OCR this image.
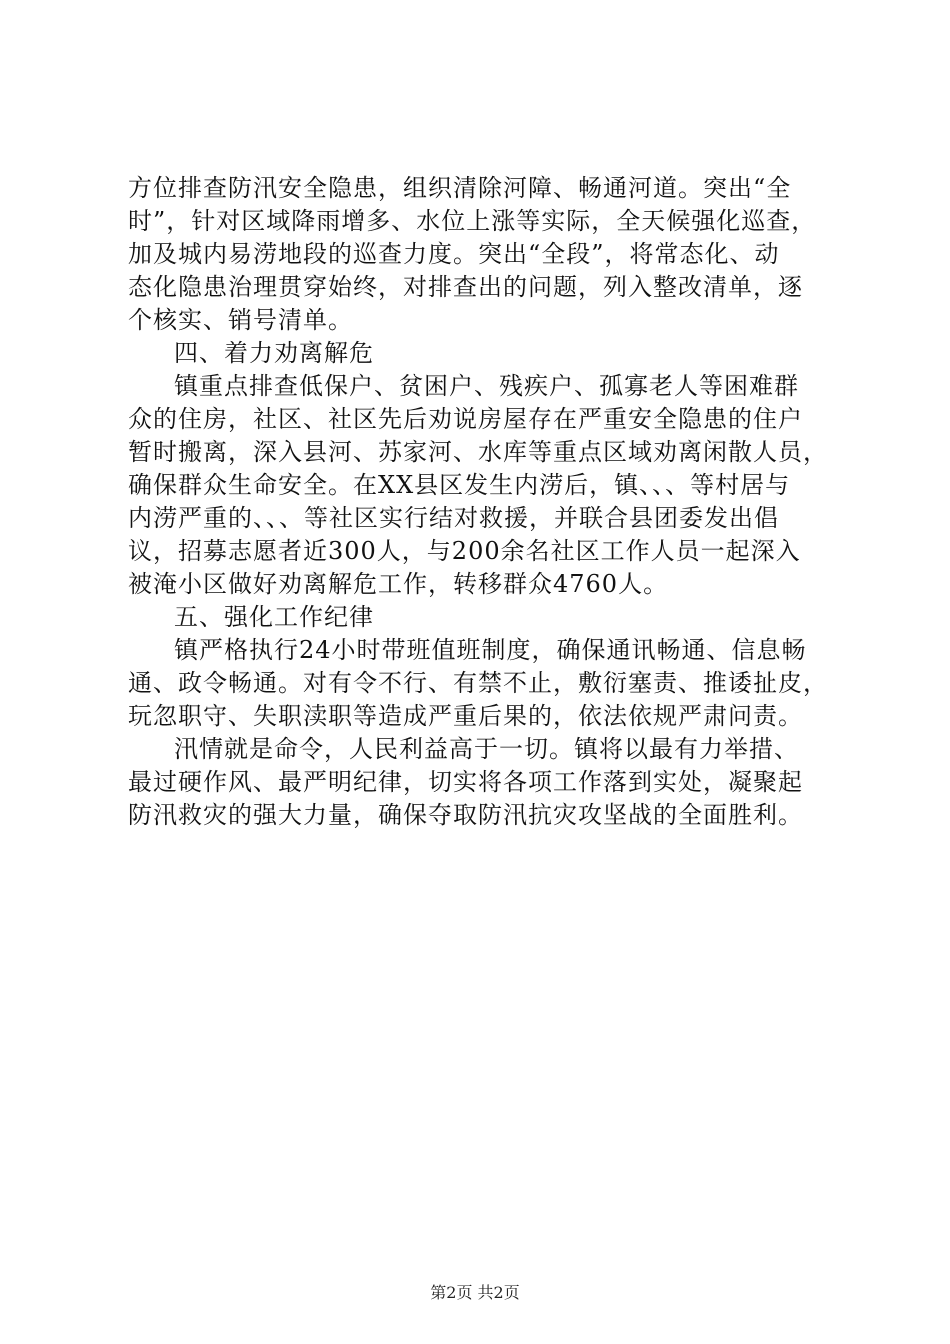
方位排查防汛安全隐患，组织清除河障、畅通河道。突出“全
时”，针对区域降雨增多、水位上涨等实际，全天候强化巡查，
加及城内易涝地段的巡查力度。突出“全段”，将常态化、动
态化隐患治理贯穿始终，对排查出的问题，列入整改清单，逐
个核实、销号清单。
四、着力劝离解危
镇重点排查低保户、贫困户、残疾户、孤寡老人等困难群
众的住房，社区、社区先后劝说房屋存在严重安全隐患的住户
暂时搬离，深入县河、苏家河、水库等重点区域劝离闲散人员，
确保群众生命安全。在XX县区发生内涝后，镇、、、等村居与
内涝严重的、、、等社区实行结对救援，并联合县团委发出倡
议，招募志愿者近300人，与200余名社区工作人员一起深入
被淹小区做好劝离解危工作，转移群众4760人。
五、强化工作纪律
镇严格执行24小时带班值班制度，确保通讯畅通、信息畅
通、政令畅通。对有令不行、有禁不止，敷衍塞责、推诿扯皮，
玩忽职守、失职渎职等造成严重后果的，依法依规严肃问责。
汛情就是命令，人民利益高于一切。镇将以最有力举措、
最过硬作风、最严明纪律，切实将各项工作落到实处，凝聚起
防汛救灾的强大力量，确保夺取防汛抗灾攻坚战的全面胜利。
第2页 共2页
